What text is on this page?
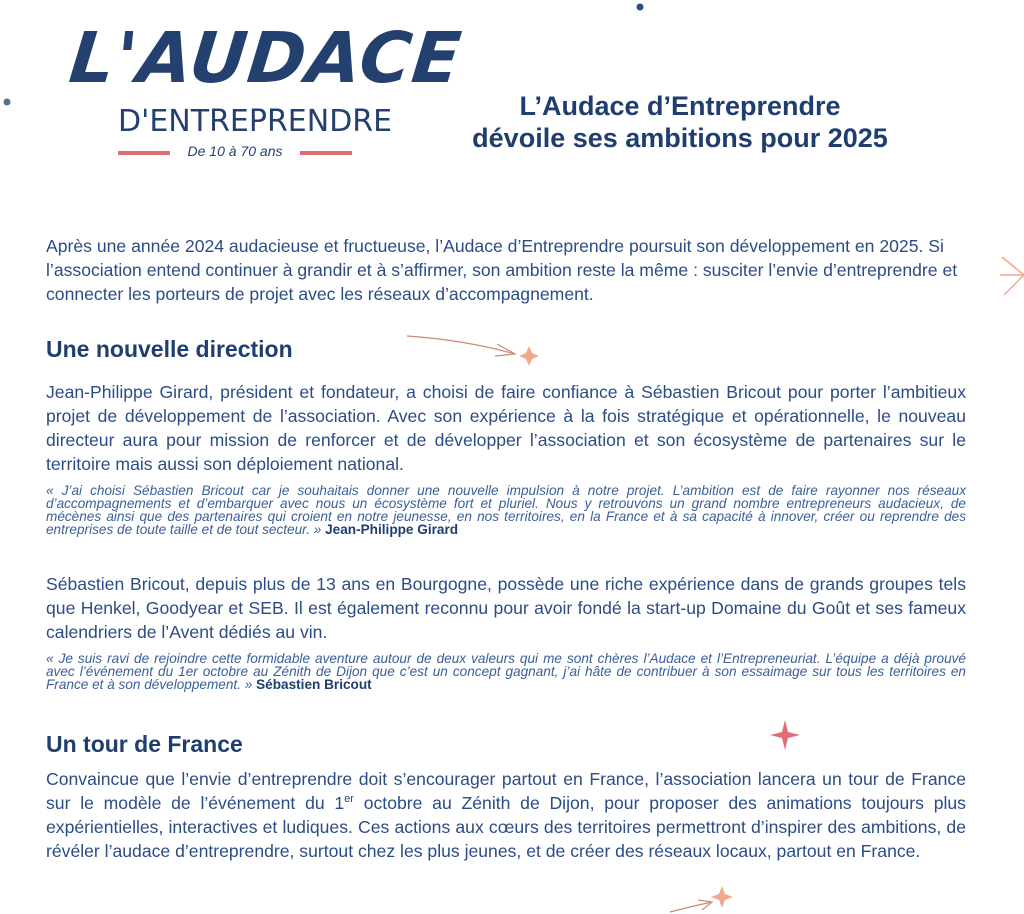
L'AUDACE
D'ENTREPRENDRE
De 10 à 70 ans
L’Audace d’Entreprendre
dévoile ses ambitions pour 2025
Après une année 2024 audacieuse et fructueuse, l’Audace d’Entreprendre poursuit son développement en 2025. Si l’association entend continuer à grandir et à s’affirmer, son ambition reste la même : susciter l’envie d’entreprendre et connecter les porteurs de projet avec les réseaux d’accompagnement.
Une nouvelle direction
Jean-Philippe Girard, président et fondateur, a choisi de faire confiance à Sébastien Bricout pour porter l’ambitieux projet de développement de l’association. Avec son expérience à la fois stratégique et opérationnelle, le nouveau directeur aura pour mission de renforcer et de développer l’association et son écosystème de partenaires sur le territoire mais aussi son déploiement national.
« J’ai choisi Sébastien Bricout car je souhaitais donner une nouvelle impulsion à notre projet. L’ambition est de faire rayonner nos réseaux d’accompagnements et d’embarquer avec nous un écosystème fort et pluriel. Nous y retrouvons un grand nombre entrepreneurs audacieux, de mécènes ainsi que des partenaires qui croient en notre jeunesse, en nos territoires, en la France et à sa capacité à innover, créer ou reprendre des entreprises de toute taille et de tout secteur. » Jean-Philippe Girard
Sébastien Bricout, depuis plus de 13 ans en Bourgogne, possède une riche expérience dans de grands groupes tels que Henkel, Goodyear et SEB. Il est également reconnu pour avoir fondé la start-up Domaine du Goût et ses fameux calendriers de l’Avent dédiés au vin.
« Je suis ravi de rejoindre cette formidable aventure autour de deux valeurs qui me sont chères l’Audace et l’Entrepreneuriat. L’équipe a déjà prouvé avec l’événement du 1er octobre au Zénith de Dijon que c’est un concept gagnant, j’ai hâte de contribuer à son essaimage sur tous les territoires en France et à son développement. » Sébastien Bricout
Un tour de France
Convaincue que l’envie d’entreprendre doit s’encourager partout en France, l’association lancera un tour de France sur le modèle de l’événement du 1er octobre au Zénith de Dijon, pour proposer des animations toujours plus expérientielles, interactives et ludiques. Ces actions aux cœurs des territoires permettront d’inspirer des ambitions, de révéler l’audace d’entreprendre, surtout chez les plus jeunes, et de créer des réseaux locaux, partout en France.
